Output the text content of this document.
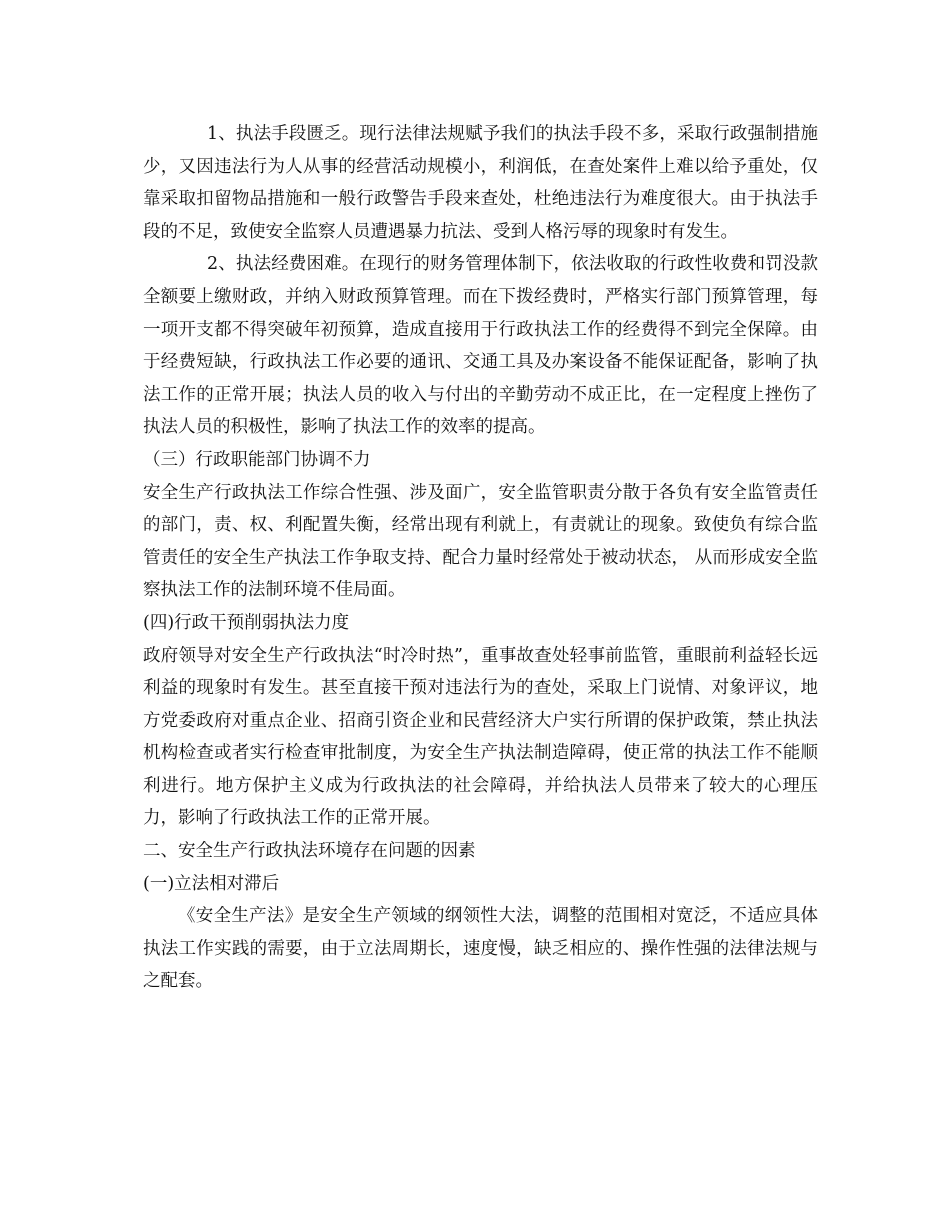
1、执法手段匮乏。现行法律法规赋予我们的执法手段不多，采取行政强制措施少，又因违法行为人从事的经营活动规模小，利润低，在查处案件上难以给予重处，仅靠采取扣留物品措施和一般行政警告手段来查处，杜绝违法行为难度很大。由于执法手段的不足，致使安全监察人员遭遇暴力抗法、受到人格污辱的现象时有发生。

2、执法经费困难。在现行的财务管理体制下，依法收取的行政性收费和罚没款全额要上缴财政，并纳入财政预算管理。而在下拨经费时，严格实行部门预算管理，每一项开支都不得突破年初预算，造成直接用于行政执法工作的经费得不到完全保障。由于经费短缺，行政执法工作必要的通讯、交通工具及办案设备不能保证配备，影响了执法工作的正常开展；执法人员的收入与付出的辛勤劳动不成正比，在一定程度上挫伤了执法人员的积极性，影响了执法工作的效率的提高。

（三）行政职能部门协调不力

安全生产行政执法工作综合性强、涉及面广，安全监管职责分散于各负有安全监管责任的部门，责、权、利配置失衡，经常出现有利就上，有责就让的现象。致使负有综合监管责任的安全生产执法工作争取支持、配合力量时经常处于被动状态， 从而形成安全监察执法工作的法制环境不佳局面。

(四)行政干预削弱执法力度

政府领导对安全生产行政执法“时冷时热”，重事故查处轻事前监管，重眼前利益轻长远利益的现象时有发生。甚至直接干预对违法行为的查处，采取上门说情、对象评议，地方党委政府对重点企业、招商引资企业和民营经济大户实行所谓的保护政策，禁止执法机构检查或者实行检查审批制度，为安全生产执法制造障碍，使正常的执法工作不能顺利进行。地方保护主义成为行政执法的社会障碍，并给执法人员带来了较大的心理压力，影响了行政执法工作的正常开展。

二、安全生产行政执法环境存在问题的因素

(一)立法相对滞后

《安全生产法》是安全生产领域的纲领性大法，调整的范围相对宽泛，不适应具体执法工作实践的需要，由于立法周期长，速度慢，缺乏相应的、操作性强的法律法规与之配套。
